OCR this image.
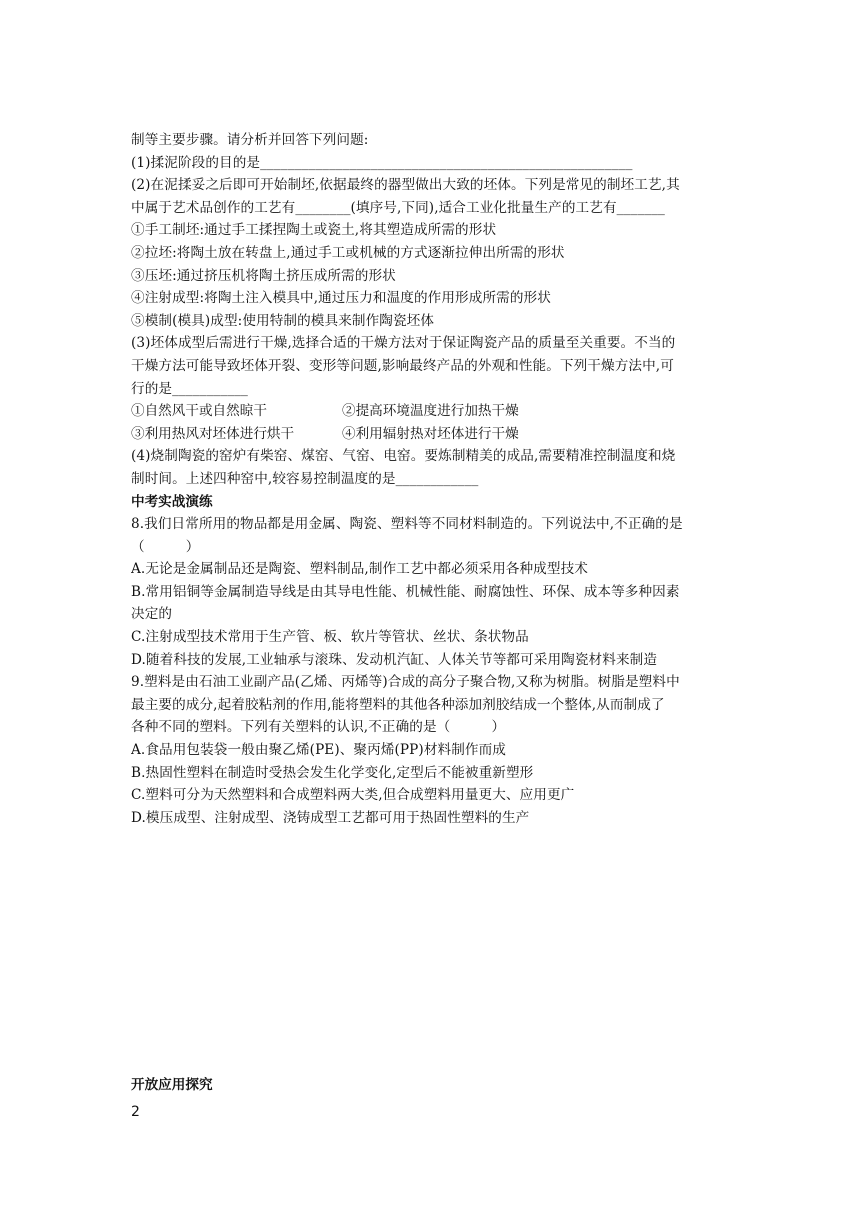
制等主要步骤。请分析并回答下列问题:
(1)揉泥阶段的目的是______________________________________________________
(2)在泥揉妥之后即可开始制坯,依据最终的器型做出大致的坯体。下列是常见的制坯工艺,其
中属于艺术品创作的工艺有________(填序号,下同),适合工业化批量生产的工艺有_______
①手工制坯:通过手工揉捏陶土或瓷土,将其塑造成所需的形状
②拉坯:将陶土放在转盘上,通过手工或机械的方式逐渐拉伸出所需的形状
③压坯:通过挤压机将陶土挤压成所需的形状
④注射成型:将陶土注入模具中,通过压力和温度的作用形成所需的形状
⑤模制(模具)成型:使用特制的模具来制作陶瓷坯体
(3)坯体成型后需进行干燥,选择合适的干燥方法对于保证陶瓷产品的质量至关重要。不当的
干燥方法可能导致坯体开裂、变形等问题,影响最终产品的外观和性能。下列干燥方法中,可
行的是___________
①自然风干或自然晾干	②提高环境温度进行加热干燥
③利用热风对坯体进行烘干	④利用辐射热对坯体进行干燥
(4)烧制陶瓷的窑炉有柴窑、煤窑、气窑、电窑。要炼制精美的成品,需要精准控制温度和烧
制时间。上述四种窑中,较容易控制温度的是____________
中考实战演练
8.我们日常所用的物品都是用金属、陶瓷、塑料等不同材料制造的。下列说法中,不正确的是
（　　　）
A.无论是金属制品还是陶瓷、塑料制品,制作工艺中都必须采用各种成型技术
B.常用铝铜等金属制造导线是由其导电性能、机械性能、耐腐蚀性、环保、成本等多种因素
决定的
C.注射成型技术常用于生产管、板、软片等管状、丝状、条状物品
D.随着科技的发展,工业轴承与滚珠、发动机汽缸、人体关节等都可采用陶瓷材料来制造
9.塑料是由石油工业副产品(乙烯、丙烯等)合成的高分子聚合物,又称为树脂。树脂是塑料中
最主要的成分,起着胶粘剂的作用,能将塑料的其他各种添加剂胶结成一个整体,从而制成了
各种不同的塑料。下列有关塑料的认识,不正确的是（　　　）
A.食品用包装袋一般由聚乙烯(PE)、聚丙烯(PP)材料制作而成
B.热固性塑料在制造时受热会发生化学变化,定型后不能被重新塑形
C.塑料可分为天然塑料和合成塑料两大类,但合成塑料用量更大、应用更广
D.模压成型、注射成型、浇铸成型工艺都可用于热固性塑料的生产
开放应用探究
2
